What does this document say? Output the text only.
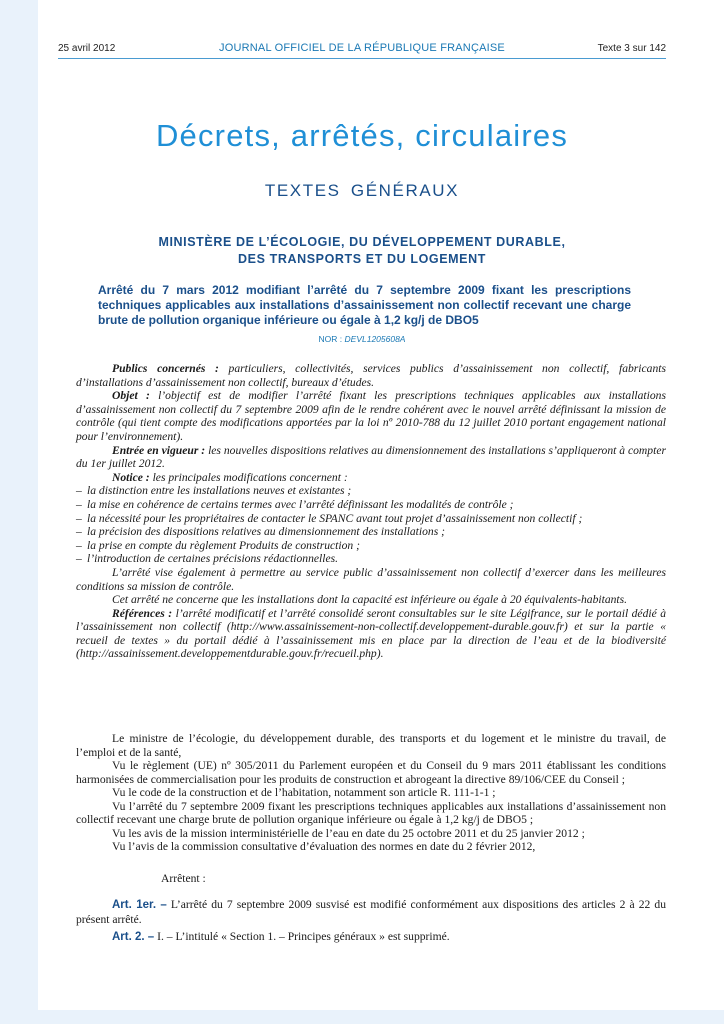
25 avril 2012	JOURNAL OFFICIEL DE LA RÉPUBLIQUE FRANÇAISE	Texte 3 sur 142
Décrets, arrêtés, circulaires
TEXTES GÉNÉRAUX
MINISTÈRE DE L’ÉCOLOGIE, DU DÉVELOPPEMENT DURABLE,
DES TRANSPORTS ET DU LOGEMENT
Arrêté du 7 mars 2012 modifiant l’arrêté du 7 septembre 2009 fixant les prescriptions techniques applicables aux installations d’assainissement non collectif recevant une charge brute de pollution organique inférieure ou égale à 1,2 kg/j de DBO5
NOR : DEVL1205608A

Publics concernés : particuliers, collectivités, services publics d’assainissement non collectif, fabricants d’installations d’assainissement non collectif, bureaux d’études.

Objet : l’objectif est de modifier l’arrêté fixant les prescriptions techniques applicables aux installations d’assainissement non collectif du 7 septembre 2009 afin de le rendre cohérent avec le nouvel arrêté définissant la mission de contrôle (qui tient compte des modifications apportées par la loi nº 2010-788 du 12 juillet 2010 portant engagement national pour l’environnement).

Entrée en vigueur : les nouvelles dispositions relatives au dimensionnement des installations s’appliqueront à compter du 1er juillet 2012.

Notice : les principales modifications concernent :

– la distinction entre les installations neuves et existantes ;

– la mise en cohérence de certains termes avec l’arrêté définissant les modalités de contrôle ;

– la nécessité pour les propriétaires de contacter le SPANC avant tout projet d’assainissement non collectif ;

– la précision des dispositions relatives au dimensionnement des installations ;

– la prise en compte du règlement Produits de construction ;

– l’introduction de certaines précisions rédactionnelles.

L’arrêté vise également à permettre au service public d’assainissement non collectif d’exercer dans les meilleures conditions sa mission de contrôle.

Cet arrêté ne concerne que les installations dont la capacité est inférieure ou égale à 20 équivalents-habitants.

Références : l’arrêté modificatif et l’arrêté consolidé seront consultables sur le site Légifrance, sur le portail dédié à l’assainissement non collectif (http://www.assainissement-non-collectif.developpement-durable.gouv.fr) et sur la partie « recueil de textes » du portail dédié à l’assainissement mis en place par la direction de l’eau et de la biodiversité (http://assainissement.developpementdurable.gouv.fr/recueil.php).

Le ministre de l’écologie, du développement durable, des transports et du logement et le ministre du travail, de l’emploi et de la santé,

Vu le règlement (UE) nº 305/2011 du Parlement européen et du Conseil du 9 mars 2011 établissant les conditions harmonisées de commercialisation pour les produits de construction et abrogeant la directive 89/106/CEE du Conseil ;

Vu le code de la construction et de l’habitation, notamment son article R. 111-1-1 ;

Vu l’arrêté du 7 septembre 2009 fixant les prescriptions techniques applicables aux installations d’assainissement non collectif recevant une charge brute de pollution organique inférieure ou égale à 1,2 kg/j de DBO5 ;

Vu les avis de la mission interministérielle de l’eau en date du 25 octobre 2011 et du 25 janvier 2012 ;

Vu l’avis de la commission consultative d’évaluation des normes en date du 2 février 2012,

Arrêtent :

Art. 1er. – L’arrêté du 7 septembre 2009 susvisé est modifié conformément aux dispositions des articles 2 à 22 du présent arrêté.

Art. 2. – I. – L’intitulé « Section 1. – Principes généraux » est supprimé.
